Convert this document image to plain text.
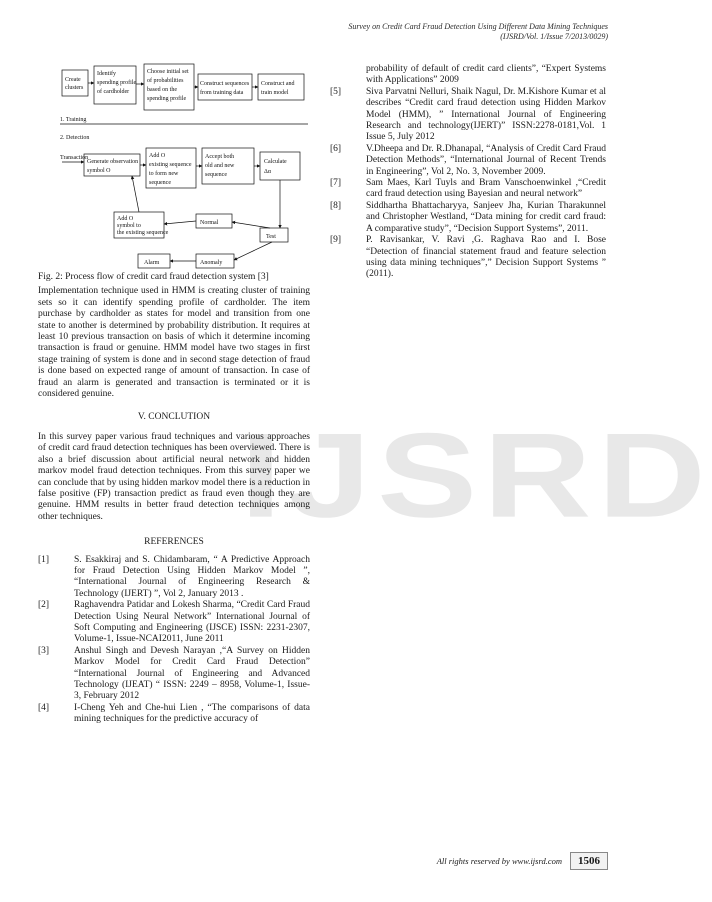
Survey on Credit Card Fraud Detection Using Different Data Mining Techniques
(IJSRD/Vol. 1/Issue 7/2013/0029)
IJSRD
1. Training
2. Detection
Transaction
Create
clusters
Identify
spending profile
of cardholder
Choose initial set
of probabilities
based on the
spending profile
Construct sequences
from training data
Construct and
train model
Generate observation
symbol O
Add O
existing sequence
to form new
sequence
Accept both
old and new
sequence
Calculate
Δα
Add O
symbol to
the existing sequence
Normal
Test
Alarm	Anomaly

Fig. 2: Process flow of credit card fraud detection system [3]

Implementation technique used in HMM is creating cluster of training sets so it can identify spending profile of cardholder. The item purchase by cardholder as states for model and transition from one state to another is determined by probability distribution. It requires at least 10 previous transaction on basis of which it determine incoming transaction is fraud or genuine. HMM model have two stages in first stage training of system is done and in second stage detection of fraud is done based on expected range of amount of transaction. In case of fraud an alarm is generated and transaction is terminated or it is considered genuine.

V. CONCLUTION

In this survey paper various fraud techniques and various approaches of credit card fraud detection techniques has been overviewed. There is also a brief discussion about artificial neural network and hidden markov model fraud detection techniques. From this survey paper we can conclude that by using hidden markov model there is a reduction in false positive (FP) transaction predict as fraud even though they are genuine. HMM results in better fraud detection techniques among other techniques.

REFERENCES

[1]	S. Esakkiraj and S. Chidambaram, “ A Predictive Approach for Fraud Detection Using Hidden Markov Model ”, “International Journal of Engineering Research & Technology (IJERT) ”, Vol 2, January 2013 .
[2]	Raghavendra Patidar and Lokesh Sharma, “Credit Card Fraud Detection Using Neural Network” International Journal of Soft Computing and Engineering (IJSCE) ISSN: 2231-2307, Volume-1, Issue-NCAI2011, June 2011
[3]	Anshul Singh and Devesh Narayan ,“A Survey on Hidden Markov Model for Credit Card Fraud Detection” “International Journal of Engineering and Advanced Technology (IJEAT) “ ISSN: 2249 – 8958, Volume-1, Issue-3, February 2012
[4]	I-Cheng Yeh and Che-hui Lien , “The comparisons of data mining techniques for the predictive accuracy of
probability of default of credit card clients”, “Expert Systems with Applications” 2009
[5]	Siva Parvatni Nelluri, Shaik Nagul, Dr. M.Kishore Kumar et al describes “Credit card fraud detection using Hidden Markov Model (HMM), ” International Journal of Engineering Research and technology(IJERT)” ISSN:2278-0181,Vol. 1 Issue 5, July 2012
[6]	V.Dheepa and Dr. R.Dhanapal, “Analysis of Credit Card Fraud Detection Methods”, “International Journal of Recent Trends in Engineering”, Vol 2, No. 3, November 2009.
[7]	Sam Maes, Karl Tuyls and Bram Vanschoenwinkel ,“Credit card fraud detection using Bayesian and neural network”
[8]	Siddhartha Bhattacharyya, Sanjeev Jha, Kurian Tharakunnel and Christopher Westland, “Data mining for credit card fraud: A comparative study”, “Decision Support Systems”, 2011.
[9]	P. Ravisankar, V. Ravi ,G. Raghava Rao and I. Bose “Detection of financial statement fraud and feature selection using data mining techniques”,” Decision Support Systems ” (2011).
All rights reserved by www.ijsrd.com	1506
